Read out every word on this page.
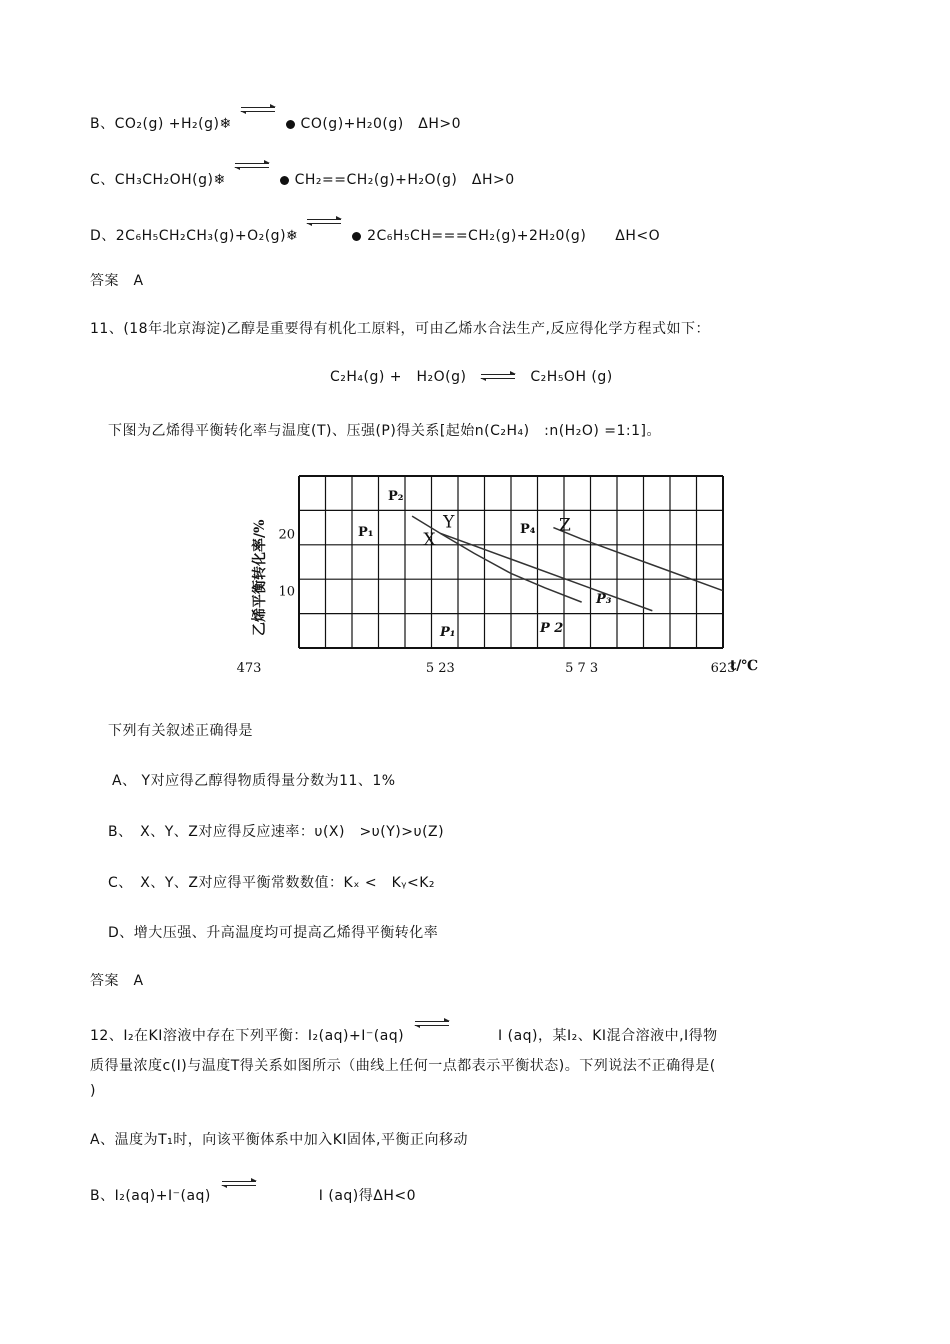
B、CO₂(g) +H₂(g)❄	CO(g)+H₂0(g)　ΔH>0
C、CH₃CH₂OH(g)❄	CH₂==CH₂(g)+H₂O(g)　ΔH>0
D、2C₆H₅CH₂CH₃(g)+O₂(g)❄	2C₆H₅CH===CH₂(g)+2H₂0(g)　　ΔH<O
答案　A
11、(18年北京海淀)乙醇是重要得有机化工原料，可由乙烯水合法生产,反应得化学方程式如下：
C₂H₄(g) +　H₂O(g) ⇌ C₂H₅OH (g)
下图为乙烯得平衡转化率与温度(T)、压强(P)得关系[起始n(C₂H₄)　:n(H₂O) =1:1]。
10
20
473	5 23	5 7 3	623
t/℃
乙烯平衡转化率/%	X
Y	Z
P₁
P₂
P₄
P₁	P 2
P₃
下列有关叙述正确得是
A、 Y对应得乙醇得物质得量分数为11、1%
B、　X、Y、Z对应得反应速率：υ(X)　>υ(Y)>υ(Z)
C、　X、Y、Z对应得平衡常数数值：Kₓ <　Kᵧ<K₂
D、增大压强、升高温度均可提高乙烯得平衡转化率
答案　A
12、I₂在KI溶液中存在下列平衡：I₂(aq)+I⁻(aq)	I (aq)，某I₂、KI混合溶液中,I得物
质得量浓度c(I)与温度T得关系如图所示（曲线上任何一点都表示平衡状态)。下列说法不正确得是(
)
A、温度为T₁时，向该平衡体系中加入KI固体,平衡正向移动
B、I₂(aq)+I⁻(aq)	I (aq)得ΔH<0
